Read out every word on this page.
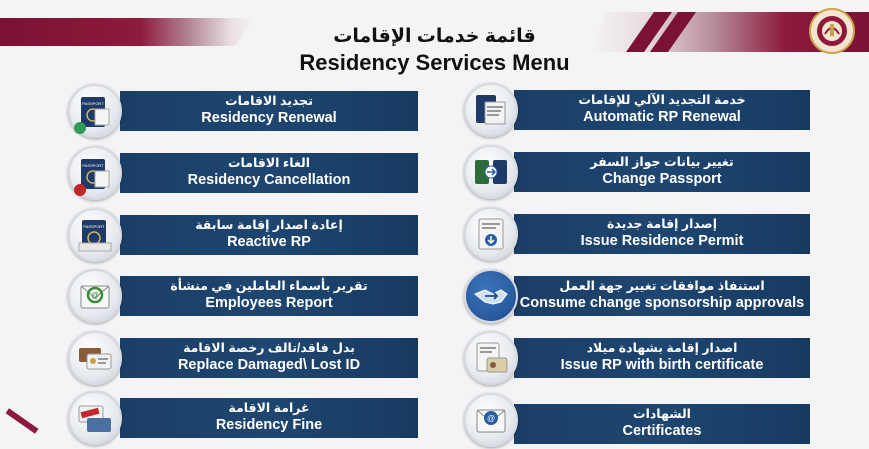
قائمة خدمات الإقامات
Residency Services Menu
تجديد الاقامات
Residency Renewal
PASSPORT
الغاء الاقامات
Residency Cancellation
PASSPORT
إعادة اصدار إقامة سابقة
Reactive RP
PASSPORT
تقرير بأسماء العاملين في منشأة
Employees Report
@
بدل فاقد/تالف رخصة الاقامة
Replace Damaged\ Lost ID
غرامة الاقامة
Residency Fine
خدمة التجديد الآلي للإقامات
Automatic RP Renewal
تغيير بيانات جواز السفر
Change Passport
إصدار إقامة جديدة
Issue Residence Permit
استنفاذ موافقات تغيير جهة العمل
Consume change sponsorship approvals
اصدار إقامة بشهادة ميلاد
Issue RP with birth certificate
الشهادات
Certificates
@
